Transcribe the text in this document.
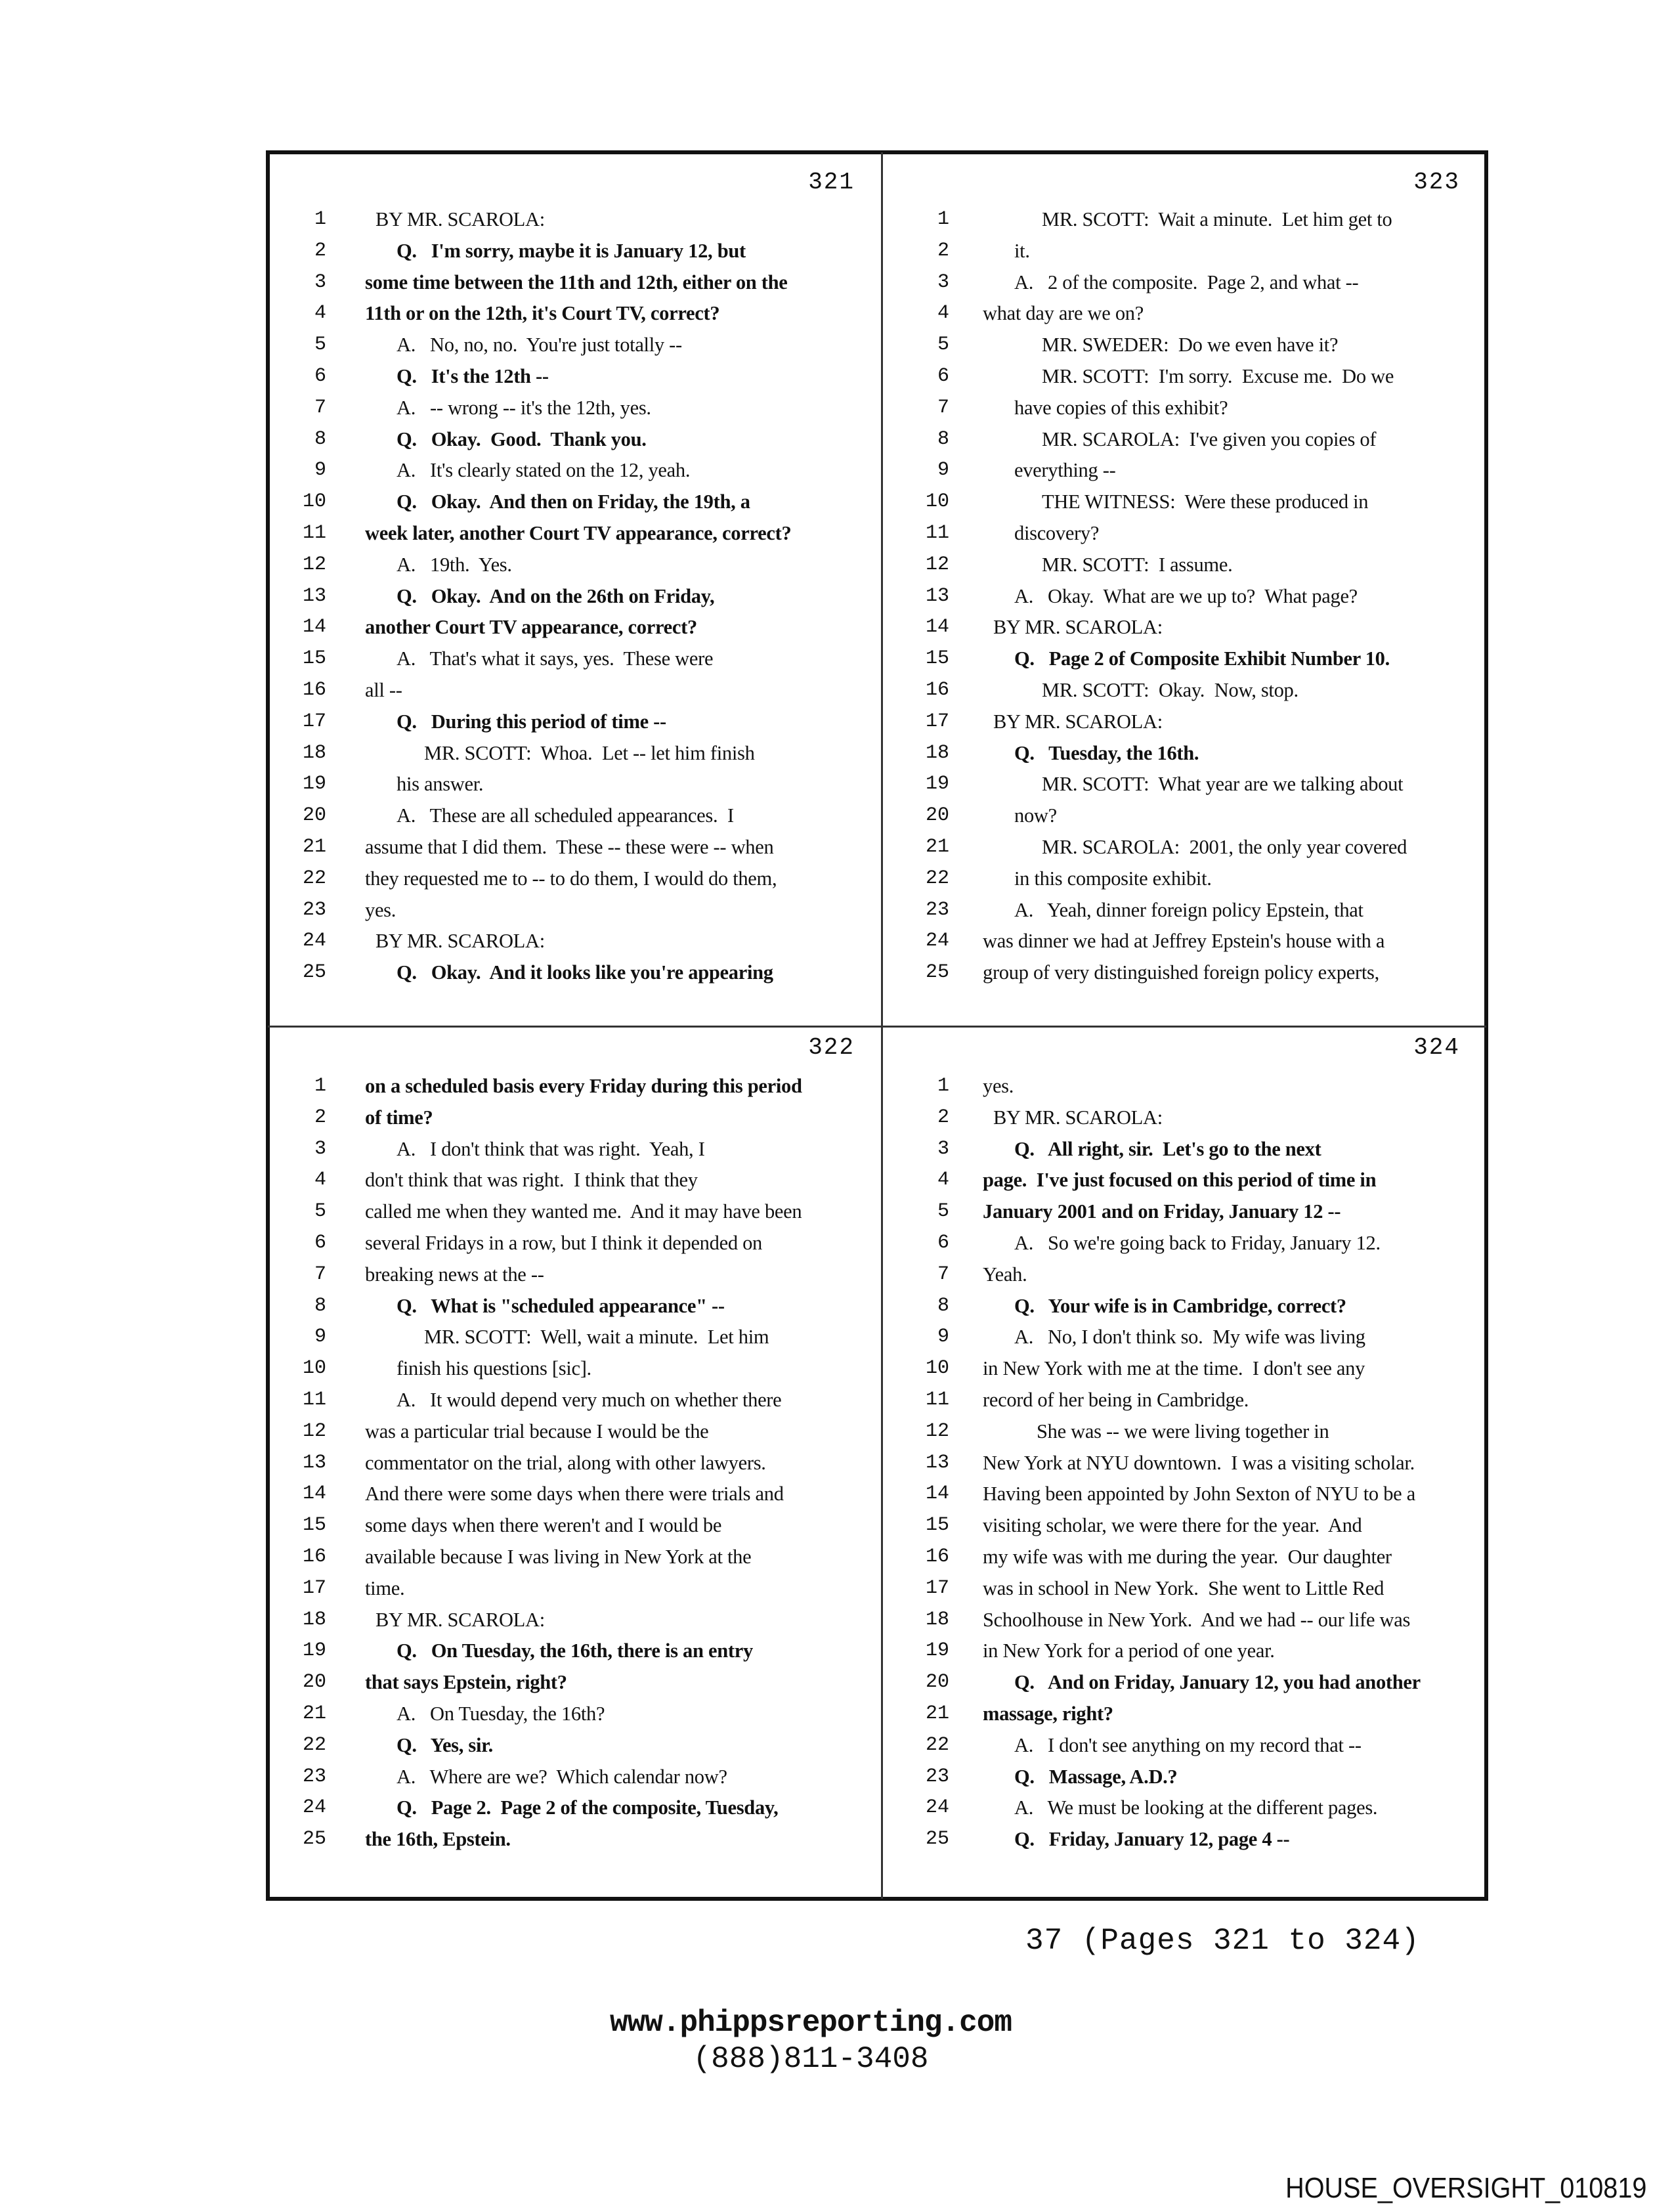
321
1	BY MR. SCAROLA:
2	Q.   I'm sorry, maybe it is January 12, but
3 some time between the 11th and 12th, either on the
4 11th or on the 12th, it's Court TV, correct?
5	A.   No, no, no.  You're just totally --
6	Q.   It's the 12th --
7	A.   -- wrong -- it's the 12th, yes.
8	Q.   Okay.  Good.  Thank you.
9	A.   It's clearly stated on the 12, yeah.
10	Q.   Okay.  And then on Friday, the 19th, a
11 week later, another Court TV appearance, correct?
12	A.   19th.  Yes.
13	Q.   Okay.  And on the 26th on Friday,
14 another Court TV appearance, correct?
15	A.   That's what it says, yes.  These were
16 all --
17	Q.   During this period of time --
18	MR. SCOTT:  Whoa.  Let -- let him finish
19	his answer.
20	A.   These are all scheduled appearances.  I
21 assume that I did them.  These -- these were -- when
22 they requested me to -- to do them, I would do them,
23 yes.
24	BY MR. SCAROLA:
25	Q.   Okay.  And it looks like you're appearing
323
1	MR. SCOTT:  Wait a minute.  Let him get to
2	it.
3	A.   2 of the composite.  Page 2, and what --
4 what day are we on?
5	MR. SWEDER:  Do we even have it?
6	MR. SCOTT:  I'm sorry.  Excuse me.  Do we
7	have copies of this exhibit?
8	MR. SCAROLA:  I've given you copies of
9	everything --
10	THE WITNESS:  Were these produced in
11	discovery?
12	MR. SCOTT:  I assume.
13	A.   Okay.  What are we up to?  What page?
14	BY MR. SCAROLA:
15	Q.   Page 2 of Composite Exhibit Number 10.
16	MR. SCOTT:  Okay.  Now, stop.
17	BY MR. SCAROLA:
18	Q.   Tuesday, the 16th.
19	MR. SCOTT:  What year are we talking about
20	now?
21	MR. SCAROLA:  2001, the only year covered
22	in this composite exhibit.
23	A.   Yeah, dinner foreign policy Epstein, that
24 was dinner we had at Jeffrey Epstein's house with a
25 group of very distinguished foreign policy experts,
322
1 on a scheduled basis every Friday during this period
2 of time?
3	A.   I don't think that was right.  Yeah, I
4 don't think that was right.  I think that they
5 called me when they wanted me.  And it may have been
6 several Fridays in a row, but I think it depended on
7 breaking news at the --
8	Q.   What is "scheduled appearance" --
9	MR. SCOTT:  Well, wait a minute.  Let him
10	finish his questions [sic].
11	A.   It would depend very much on whether there
12 was a particular trial because I would be the
13 commentator on the trial, along with other lawyers.
14 And there were some days when there were trials and
15 some days when there weren't and I would be
16 available because I was living in New York at the
17 time.
18	BY MR. SCAROLA:
19	Q.   On Tuesday, the 16th, there is an entry
20 that says Epstein, right?
21	A.   On Tuesday, the 16th?
22	Q.   Yes, sir.
23	A.   Where are we?  Which calendar now?
24	Q.   Page 2.  Page 2 of the composite, Tuesday,
25 the 16th, Epstein.
324
1 yes.
2	BY MR. SCAROLA:
3	Q.   All right, sir.  Let's go to the next
4 page.  I've just focused on this period of time in
5 January 2001 and on Friday, January 12 --
6	A.   So we're going back to Friday, January 12.
7 Yeah.
8	Q.   Your wife is in Cambridge, correct?
9	A.   No, I don't think so.  My wife was living
10 in New York with me at the time.  I don't see any
11 record of her being in Cambridge.
12	She was -- we were living together in
13 New York at NYU downtown.  I was a visiting scholar.
14 Having been appointed by John Sexton of NYU to be a
15 visiting scholar, we were there for the year.  And
16 my wife was with me during the year.  Our daughter
17 was in school in New York.  She went to Little Red
18 Schoolhouse in New York.  And we had -- our life was
19 in New York for a period of one year.
20	Q.   And on Friday, January 12, you had another
21 massage, right?
22	A.   I don't see anything on my record that --
23	Q.   Massage, A.D.?
24	A.   We must be looking at the different pages.
25	Q.   Friday, January 12, page 4 --
37 (Pages 321 to 324)
www.phippsreporting.com
(888)811-3408
HOUSE_OVERSIGHT_010819
